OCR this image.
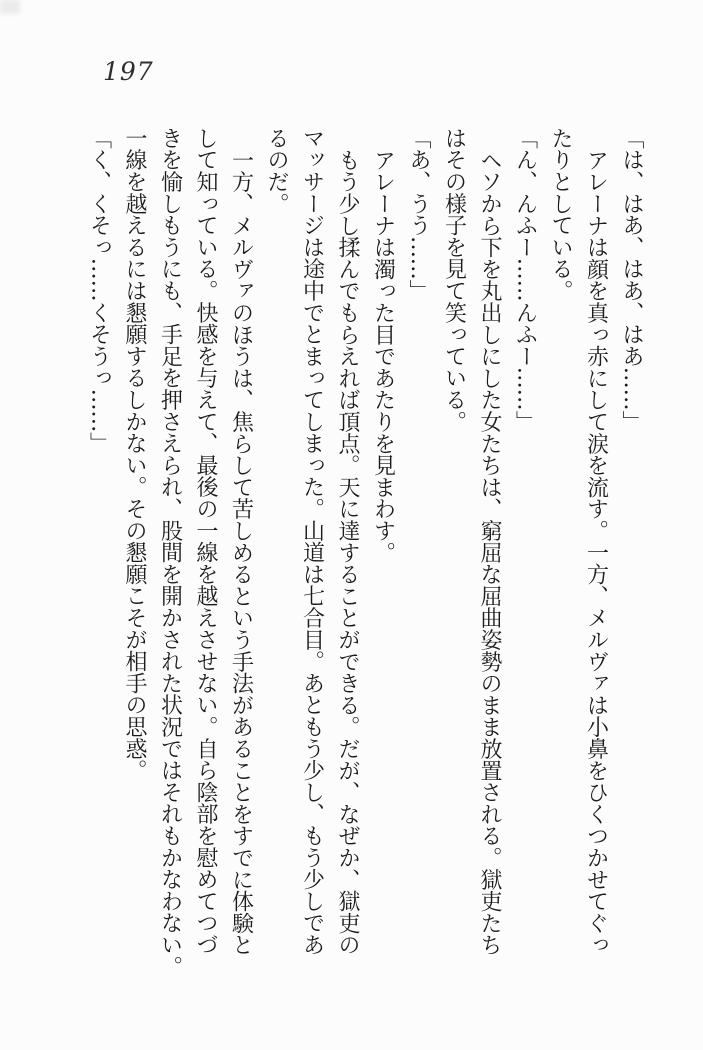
197
「は、はあ、はあ、はあ……」
アレーナは顔を真っ赤にして涙を流す。一方、メルヴァは小鼻をひくつかせてぐっ
たりとしている。
「ん、んふー……んふー……」
ヘソから下を丸出しにした女たちは、窮屈な屈曲姿勢のまま放置される。獄吏たち
はその様子を見て笑っている。
「あ、うう……」
アレーナは濁った目であたりを見まわす。
もう少し揉んでもらえれば頂点。天に達することができる。だが、なぜか、獄吏の
マッサージは途中でとまってしまった。山道は七合目。あともう少し、もう少しであ
るのだ。
一方、メルヴァのほうは、焦らして苦しめるという手法があることをすでに体験と
して知っている。快感を与えて、最後の一線を越えさせない。自ら陰部を慰めてつづ
きを愉しもうにも、手足を押さえられ、股間を開かされた状況ではそれもかなわない。
一線を越えるには懇願するしかない。その懇願こそが相手の思惑。
「く、くそっ……くそうっ……」
